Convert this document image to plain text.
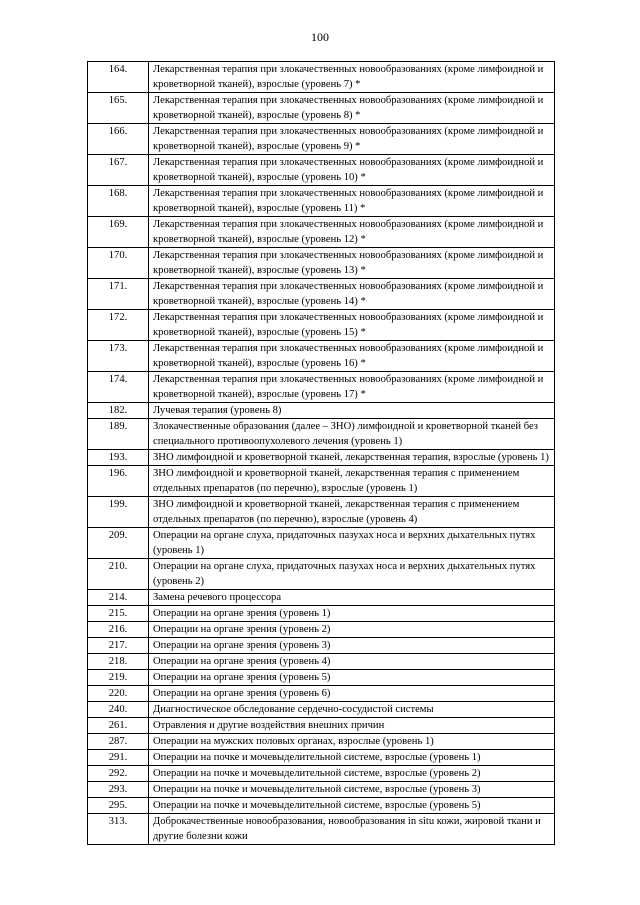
100
164.	Лекарственная терапия при злокачественных новообразованиях (кроме лимфоидной и кроветворной тканей), взрослые (уровень 7) *
165.	Лекарственная терапия при злокачественных новообразованиях (кроме лимфоидной и кроветворной тканей), взрослые (уровень 8) *
166.	Лекарственная терапия при злокачественных новообразованиях (кроме лимфоидной и кроветворной тканей), взрослые (уровень 9) *
167.	Лекарственная терапия при злокачественных новообразованиях (кроме лимфоидной и кроветворной тканей), взрослые (уровень 10) *
168.	Лекарственная терапия при злокачественных новообразованиях (кроме лимфоидной и кроветворной тканей), взрослые (уровень 11) *
169.	Лекарственная терапия при злокачественных новообразованиях (кроме лимфоидной и кроветворной тканей), взрослые (уровень 12) *
170.	Лекарственная терапия при злокачественных новообразованиях (кроме лимфоидной и кроветворной тканей), взрослые (уровень 13) *
171.	Лекарственная терапия при злокачественных новообразованиях (кроме лимфоидной и кроветворной тканей), взрослые (уровень 14) *
172.	Лекарственная терапия при злокачественных новообразованиях (кроме лимфоидной и кроветворной тканей), взрослые (уровень 15) *
173.	Лекарственная терапия при злокачественных новообразованиях (кроме лимфоидной и кроветворной тканей), взрослые (уровень 16) *
174.	Лекарственная терапия при злокачественных новообразованиях (кроме лимфоидной и кроветворной тканей), взрослые (уровень 17) *
182.	Лучевая терапия (уровень 8)
189.	Злокачественные образования (далее – ЗНО) лимфоидной и кроветворной тканей без специального противоопухолевого лечения (уровень 1)
193.	ЗНО лимфоидной и кроветворной тканей, лекарственная терапия, взрослые (уровень 1)
196.	ЗНО лимфоидной и кроветворной тканей, лекарственная терапия с применением отдельных препаратов (по перечню), взрослые (уровень 1)
199.	ЗНО лимфоидной и кроветворной тканей, лекарственная терапия с применением отдельных препаратов (по перечню), взрослые (уровень 4)
209.	Операции на органе слуха, придаточных пазухах носа и верхних дыхательных путях (уровень 1)
210.	Операции на органе слуха, придаточных пазухах носа и верхних дыхательных путях (уровень 2)
214.	Замена речевого процессора
215.	Операции на органе зрения (уровень 1)
216.	Операции на органе зрения (уровень 2)
217.	Операции на органе зрения (уровень 3)
218.	Операции на органе зрения (уровень 4)
219.	Операции на органе зрения (уровень 5)
220.	Операции на органе зрения (уровень 6)
240.	Диагностическое обследование сердечно-сосудистой системы
261.	Отравления и другие воздействия внешних причин
287.	Операции на мужских половых органах, взрослые (уровень 1)
291.	Операции на почке и мочевыделительной системе, взрослые (уровень 1)
292.	Операции на почке и мочевыделительной системе, взрослые (уровень 2)
293.	Операции на почке и мочевыделительной системе, взрослые (уровень 3)
295.	Операции на почке и мочевыделительной системе, взрослые (уровень 5)
313.	Доброкачественные новообразования, новообразования in situ кожи, жировой ткани и другие болезни кожи
